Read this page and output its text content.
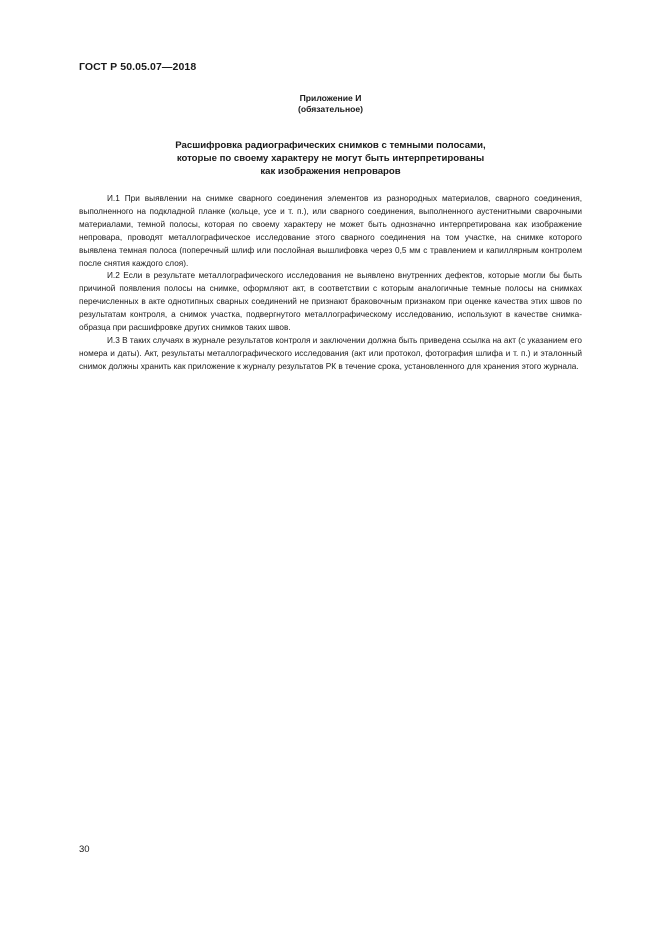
ГОСТ Р 50.05.07—2018
Приложение И
(обязательное)
Расшифровка радиографических снимков с темными полосами,
которые по своему характеру не могут быть интерпретированы
как изображения непроваров

И.1 При выявлении на снимке сварного соединения элементов из разнородных материалов, сварного соединения, выполненного на подкладной планке (кольце, усе и т. п.), или сварного соединения, выполненного аустенитными сварочными материалами, темной полосы, которая по своему характеру не может быть однозначно интерпретирована как изображение непровара, проводят металлографическое исследование этого сварного соединения на том участке, на снимке которого выявлена темная полоса (поперечный шлиф или послойная вышлифовка через 0,5 мм с травлением и капиллярным контролем после снятия каждого слоя).

И.2 Если в результате металлографического исследования не выявлено внутренних дефектов, которые могли бы быть причиной появления полосы на снимке, оформляют акт, в соответствии с которым аналогичные темные полосы на снимках перечисленных в акте однотипных сварных соединений не признают браковочным признаком при оценке качества этих швов по результатам контроля, а снимок участка, подвергнутого металлографическому исследованию, используют в качестве снимка-образца при расшифровке других снимков таких швов.

И.3 В таких случаях в журнале результатов контроля и заключении должна быть приведена ссылка на акт (с указанием его номера и даты). Акт, результаты металлографического исследования (акт или протокол, фотография шлифа и т. п.) и эталонный снимок должны хранить как приложение к журналу результатов РК в течение срока, установленного для хранения этого журнала.

30
